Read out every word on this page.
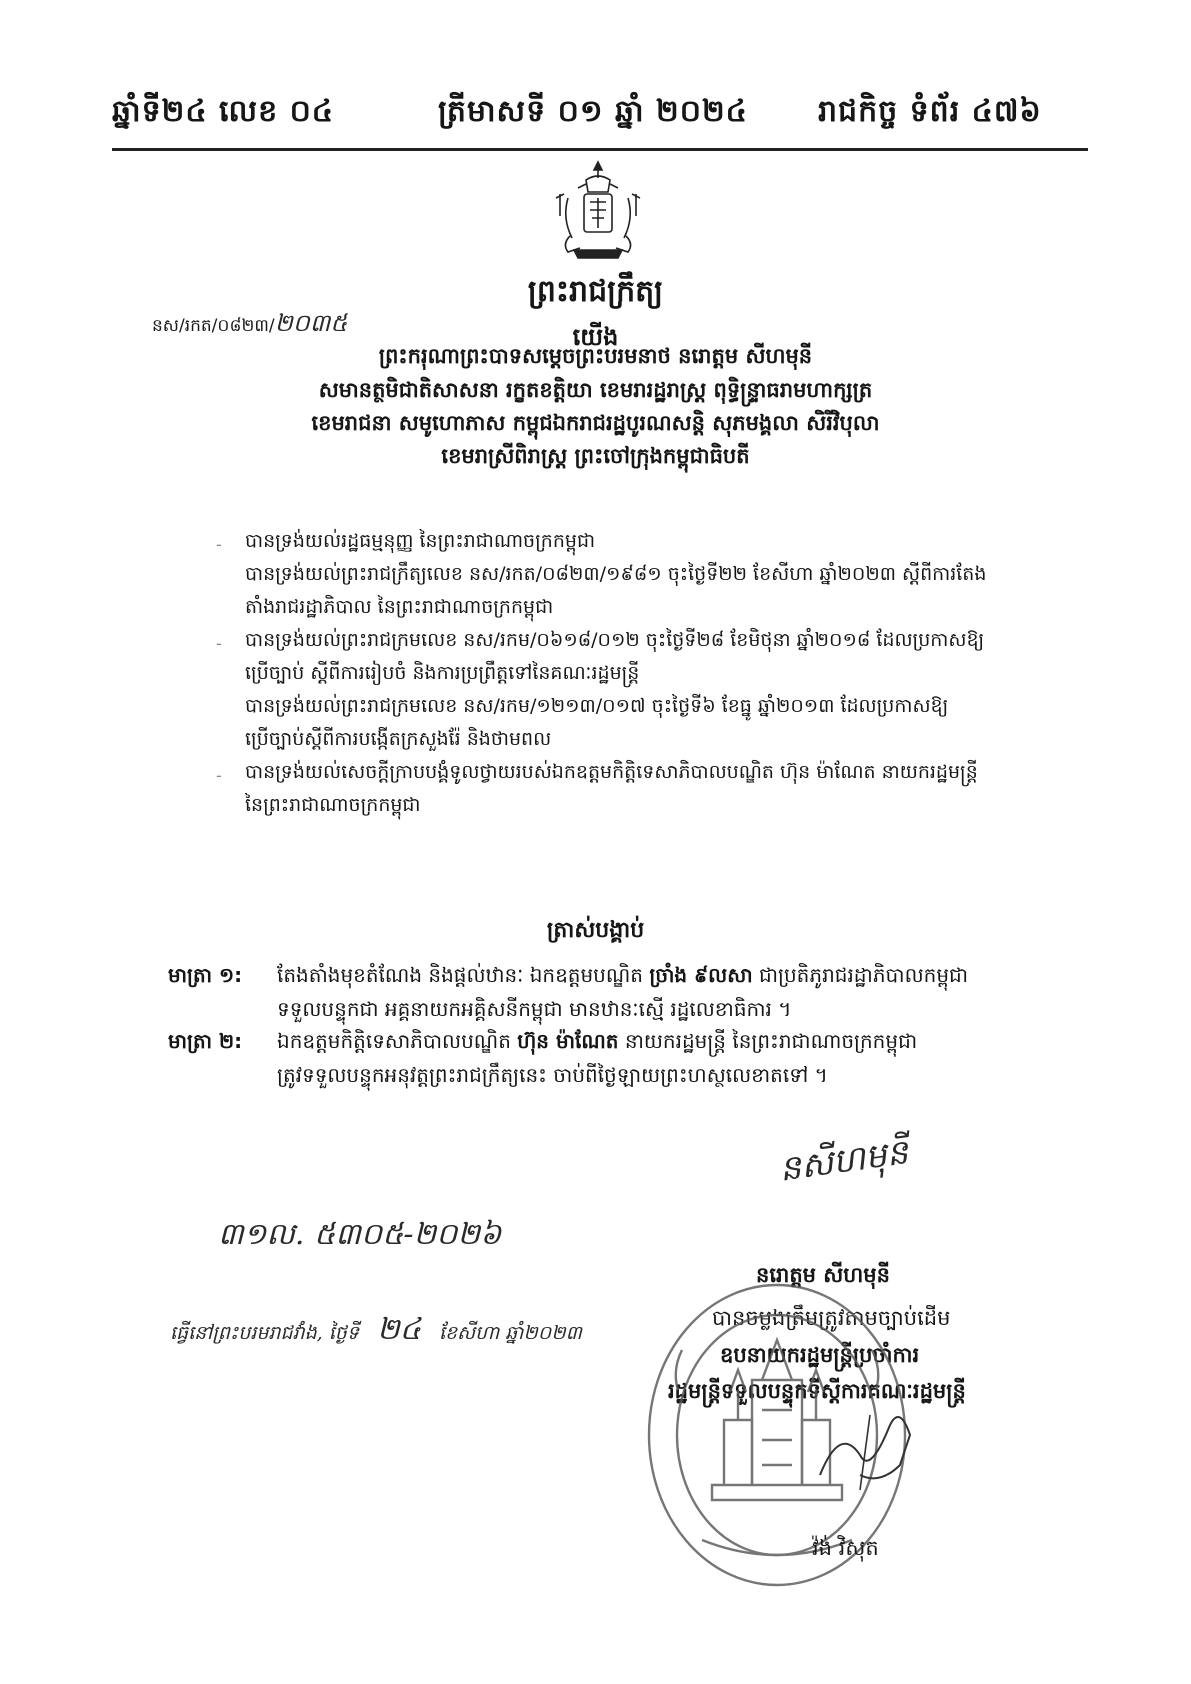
ឆ្នាំទី២៤ លេខ ០៤	ត្រីមាសទី ០១ ឆ្នាំ ២០២៤ រាជកិច្ច ទំព័រ ៤៧៦
ព្រះរាជក្រឹត្យ
នស/រកត/០៨២៣/២០៣៥	យើង
ព្រះករុណាព្រះបាទសម្ដេចព្រះបរមនាថ នរោត្តម សីហមុនី
សមានត្ថមិជាតិសាសនា រក្ខតខត្តិយា ខេមរារដ្ឋរាស្ត្រ ពុទ្ធិន្ទ្រាធរាមហាក្សត្រ
ខេមរាជនា សមូហោភាស កម្ពុជឯករាជរដ្ឋបូរណសន្តិ សុភមង្គលា សិរីវិបុលា
ខេមរាស្រីពិរាស្ត្រ ព្រះចៅក្រុងកម្ពុជាធិបតី
- បានទ្រង់យល់រដ្ឋធម្មនុញ្ញ នៃព្រះរាជាណាចក្រកម្ពុជា
បានទ្រង់យល់ព្រះរាជក្រឹត្យលេខ នស/រកត/០៨២៣/១៩៨១ ចុះថ្ងៃទី២២ ខែសីហា ឆ្នាំ២០២៣ ស្ដីពីការតែង
តាំងរាជរដ្ឋាភិបាល នៃព្រះរាជាណាចក្រកម្ពុជា
- បានទ្រង់យល់ព្រះរាជក្រមលេខ នស/រកម/០៦១៨/០១២ ចុះថ្ងៃទី២៨ ខែមិថុនា ឆ្នាំ២០១៨ ដែលប្រកាសឱ្យ
ប្រើច្បាប់ ស្ដីពីការរៀបចំ និងការប្រព្រឹត្តទៅនៃគណៈរដ្ឋមន្ត្រី
បានទ្រង់យល់ព្រះរាជក្រមលេខ នស/រកម/១២១៣/០១៧ ចុះថ្ងៃទី៦ ខែធ្នូ ឆ្នាំ២០១៣ ដែលប្រកាសឱ្យ
ប្រើច្បាប់ស្ដីពីការបង្កើតក្រសួងរ៉ែ និងថាមពល
- បានទ្រង់យល់សេចក្ដីក្រាបបង្គំទូលថ្វាយរបស់ឯកឧត្តមកិត្តិទេសាភិបាលបណ្ឌិត ហ៊ុន ម៉ាណែត នាយករដ្ឋមន្ត្រី
នៃព្រះរាជាណាចក្រកម្ពុជា
ត្រាស់បង្គាប់
មាត្រា ១: តែងតាំងមុខតំណែង និងផ្ដល់ឋានៈ ឯកឧត្តមបណ្ឌិត ច្រាំង ៩លសា ជាប្រតិភូរាជរដ្ឋាភិបាលកម្ពុជា
ទទួលបន្ទុកជា អគ្គនាយកអគ្គិសនីកម្ពុជា មានឋានៈស្មើ រដ្ឋលេខាធិការ ។
មាត្រា ២: ឯកឧត្តមកិត្តិទេសាភិបាលបណ្ឌិត ហ៊ុន ម៉ាណែត នាយករដ្ឋមន្ត្រី នៃព្រះរាជាណាចក្រកម្ពុជា
ត្រូវទទួលបន្ទុកអនុវត្តព្រះរាជក្រឹត្យនេះ ចាប់ពីថ្ងៃឡាយព្រះហស្ថលេខាតទៅ ។
៣១ល. ៥៣០៥-២០២៦
នសីហមុនី
នរោត្តម សីហមុនី
ធ្វើនៅព្រះបរមរាជវាំង, ថ្ងៃទី ២៤ ខែសីហា ឆ្នាំ២០២៣
បានចម្លងត្រឹមត្រូវតាមច្បាប់ដើម
ឧបនាយករដ្ឋមន្ត្រីប្រចាំការ
រដ្ឋមន្ត្រីទទួលបន្ទុកទីស្ដីការគណៈរដ្ឋមន្ត្រី
វ៉ង់ វិសុត
